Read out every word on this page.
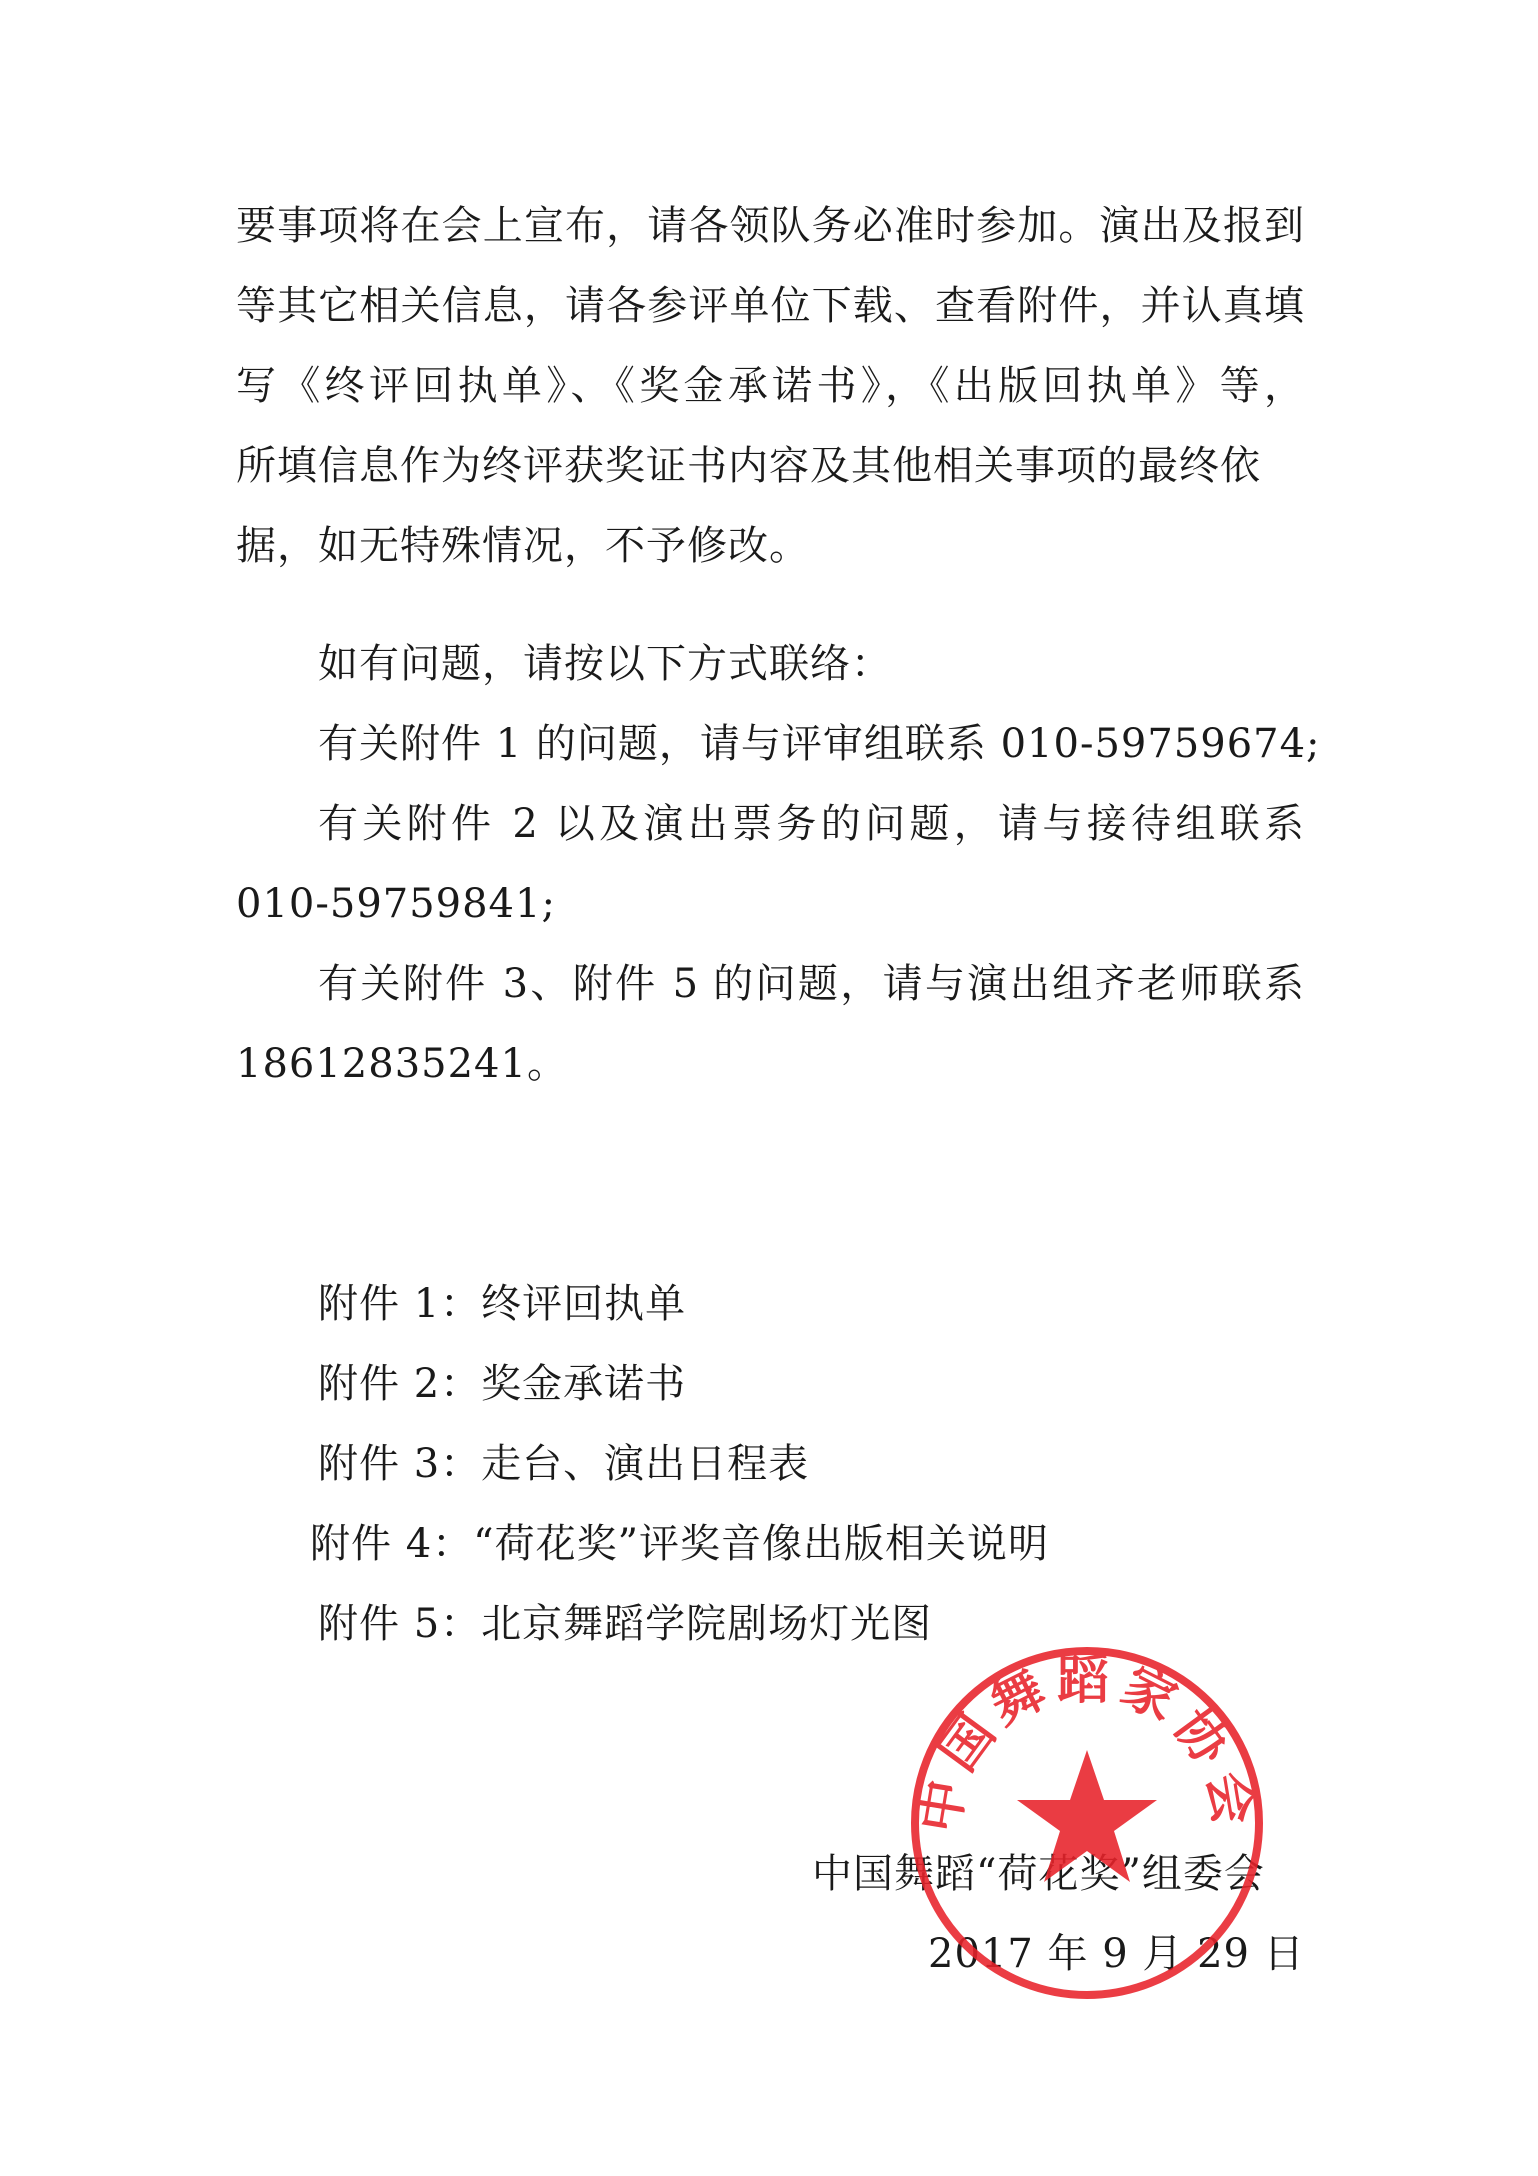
要事项将在会上宣布，请各领队务必准时参加。演出及报到
等其它相关信息，请各参评单位下载、查看附件，并认真填
写《终评回执单》、《奖金承诺书》，《出版回执单》等，
所填信息作为终评获奖证书内容及其他相关事项的最终依
据，如无特殊情况，不予修改。
如有问题，请按以下方式联络：
有关附件 1 的问题，请与评审组联系 010-59759674;
有关附件 2 以及演出票务的问题，请与接待组联系
010-59759841;
有关附件 3、附件 5 的问题，请与演出组齐老师联系
18612835241。
附件 1：终评回执单
附件 2：奖金承诺书
附件 3：走台、演出日程表
附件 4：“荷花奖”评奖音像出版相关说明
附件 5：北京舞蹈学院剧场灯光图
中国舞蹈“荷花奖”组委会
2017 年 9 月 29 日
中国舞蹈家协会
